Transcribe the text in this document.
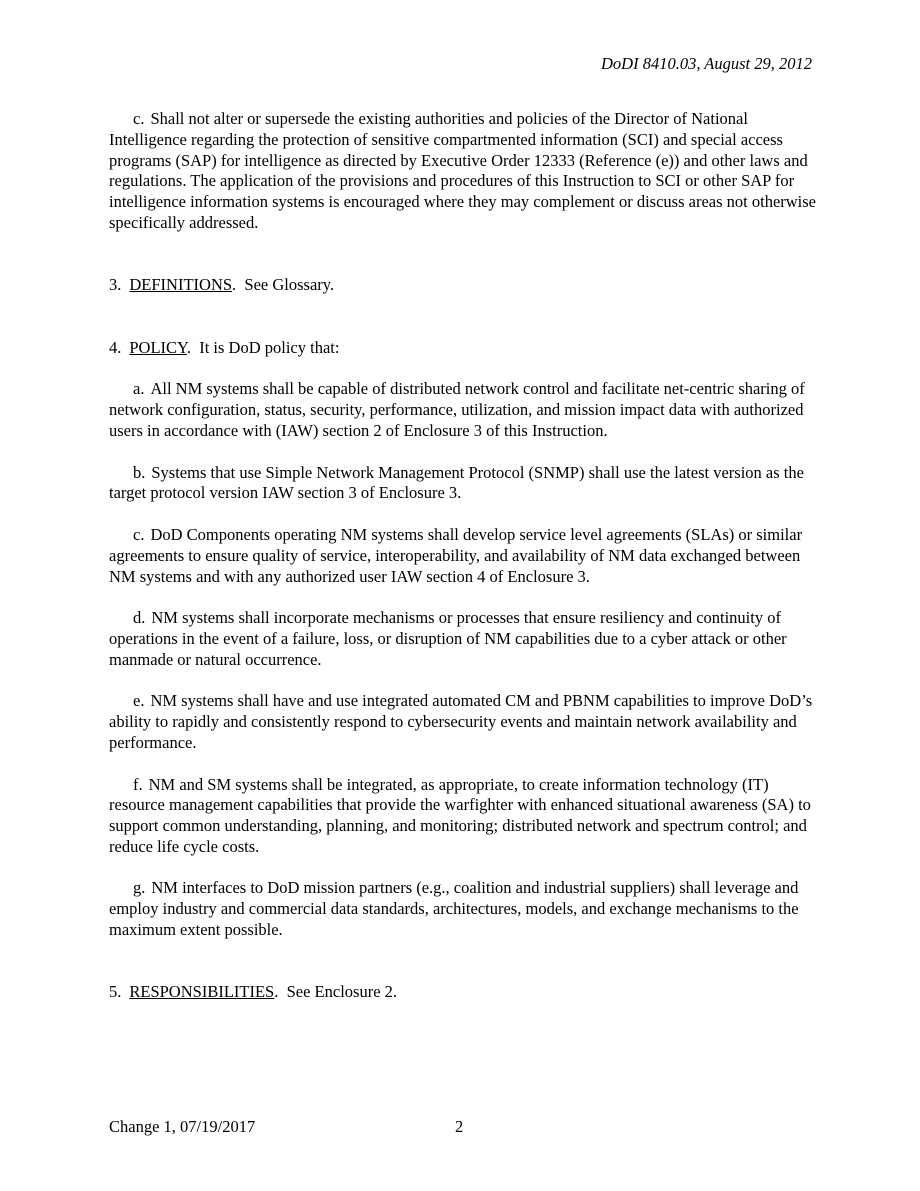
DoDI 8410.03, August 29, 2012

c. Shall not alter or supersede the existing authorities and policies of the Director of National Intelligence regarding the protection of sensitive compartmented information (SCI) and special access programs (SAP) for intelligence as directed by Executive Order 12333 (Reference (e)) and other laws and regulations. The application of the provisions and procedures of this Instruction to SCI or other SAP for intelligence information systems is encouraged where they may complement or discuss areas not otherwise specifically addressed.

3. DEFINITIONS.  See Glossary.

4. POLICY.  It is DoD policy that:

a. All NM systems shall be capable of distributed network control and facilitate net-centric sharing of network configuration, status, security, performance, utilization, and mission impact data with authorized users in accordance with (IAW) section 2 of Enclosure 3 of this Instruction.

b. Systems that use Simple Network Management Protocol (SNMP) shall use the latest version as the target protocol version IAW section 3 of Enclosure 3.

c. DoD Components operating NM systems shall develop service level agreements (SLAs) or similar agreements to ensure quality of service, interoperability, and availability of NM data exchanged between NM systems and with any authorized user IAW section 4 of Enclosure 3.

d. NM systems shall incorporate mechanisms or processes that ensure resiliency and continuity of operations in the event of a failure, loss, or disruption of NM capabilities due to a cyber attack or other manmade or natural occurrence.

e. NM systems shall have and use integrated automated CM and PBNM capabilities to improve DoD’s ability to rapidly and consistently respond to cybersecurity events and maintain network availability and performance.

f. NM and SM systems shall be integrated, as appropriate, to create information technology (IT) resource management capabilities that provide the warfighter with enhanced situational awareness (SA) to support common understanding, planning, and monitoring; distributed network and spectrum control; and reduce life cycle costs.

g. NM interfaces to DoD mission partners (e.g., coalition and industrial suppliers) shall leverage and employ industry and commercial data standards, architectures, models, and exchange mechanisms to the maximum extent possible.

5. RESPONSIBILITIES.  See Enclosure 2.

Change 1, 07/19/2017	2
